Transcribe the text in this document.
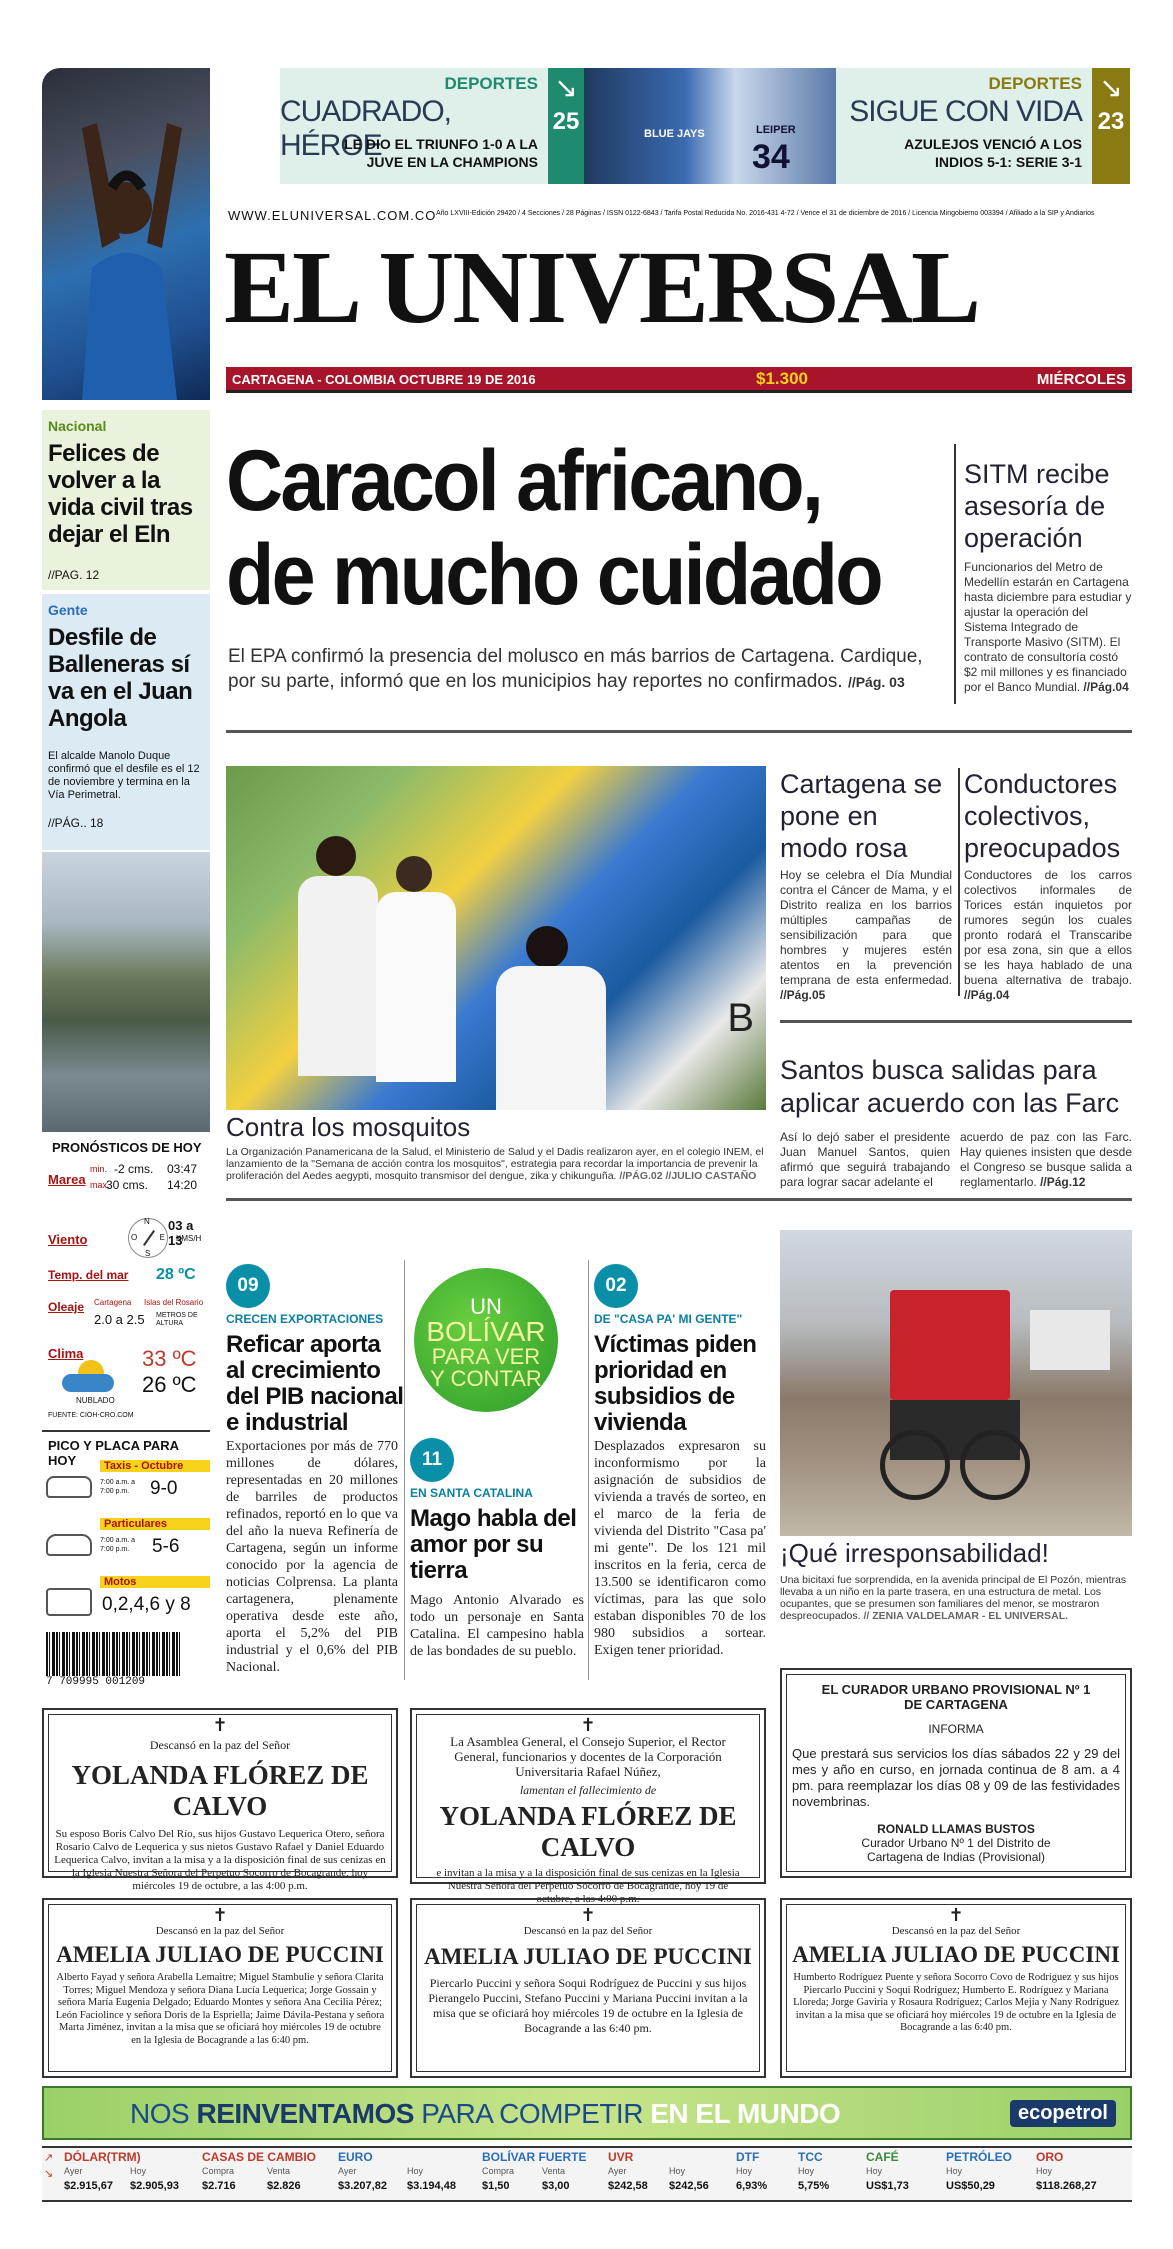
DEPORTES
CUADRADO, HÉROE
LE DIO EL TRIUNFO 1-0 A LA
JUVE EN LA CHAMPIONS
↘
25	BLUE JAYS	LEIPER
34
DEPORTES
SIGUE CON VIDA
AZULEJOS VENCIÓ A LOS
INDIOS 5-1: SERIE 3-1
↘
23
WWW.ELUNIVERSAL.COM.CO Año LXVIII-Edición 29420 / 4 Secciones / 28 Páginas / ISSN 0122-6843 / Tarifa Postal Reducida No. 2016-431 4-72 / Vence el 31 de diciembre de 2016 / Licencia Mingobierno 003394 / Afiliado a la SIP y Andiarios
EL UNIVERSAL
CARTAGENA - COLOMBIA OCTUBRE 19 DE 2016	$1.300	MIÉRCOLES
Nacional
Felices de volver a la vida civil tras dejar el Eln
//PAG. 12
Gente
Desfile de Balleneras sí va en el Juan Angola
El alcalde Manolo Duque confirmó que el desfile es el 12 de noviembre y termina en la Vía Perimetral.
//PÁG.. 18
PRONÓSTICOS DE HOY
Marea
min. -2 cms. 03:47
max.
30 cms. 14:20
Viento
N
E
S
O
03 a 13
KMS/H
Temp. del mar 28 ºC
Oleaje Cartagena Islas del Rosario
2.0 a 2.5 METROS DE ALTURA
Clima
NUBLADO
33 ºC
26 ºC
FUENTE: CIOH-CRO.COM
PICO Y PLACA PARA HOY	Taxis - Octubre
7:00 a.m. a 7:00 p.m.	9-0
Particulares
7:00 a.m. a 7:00 p.m.	5-6
Motos
0,2,4,6 y 8
7 709995 001209
Caracol africano,
de mucho cuidado
El EPA confirmó la presencia del molusco en más barrios de Cartagena. Cardique, por su parte, informó que en los municipios hay reportes no confirmados. //Pág. 03
SITM recibe asesoría de operación
Funcionarios del Metro de Medellín estarán en Cartagena hasta diciembre para estudiar y ajustar la operación del Sistema Integrado de Transporte Masivo (SITM). El contrato de consultoría costó $2 mil millones y es financiado por el Banco Mundial. //Pág.04
B
Contra los mosquitos
La Organización Panamericana de la Salud, el Ministerio de Salud y el Dadis realizaron ayer, en el colegio INEM, el lanzamiento de la "Semana de acción contra los mosquitos", estrategia para recordar la importancia de prevenir la proliferación del Aedes aegypti, mosquito transmisor del dengue, zika y chikunguña. //PÁG.02 //JULIO CASTAÑO
Cartagena se pone en modo rosa
Hoy se celebra el Día Mundial contra el Cáncer de Mama, y el Distrito realiza en los barrios múltiples campañas de sensibilización para que hombres y mujeres estén atentos en la prevención temprana de esta enfermedad. //Pág.05
Conductores colectivos, preocupados
Conductores de los carros colectivos informales de Torices están inquietos por rumores según los cuales pronto rodará el Transcaribe por esa zona, sin que a ellos se les haya hablado de una buena alternativa de trabajo. //Pág.04
Santos busca salidas para aplicar acuerdo con las Farc
Así lo dejó saber el presidente Juan Manuel Santos, quien afirmó que seguirá trabajando para lograr sacar adelante el
acuerdo de paz con las Farc. Hay quienes insisten que desde el Congreso se busque salida a reglamentarlo. //Pág.12
09
CRECEN EXPORTACIONES
Reficar aporta al crecimiento del PIB nacional e industrial
Exportaciones por más de 770 millones de dólares, representadas en 20 millones de barriles de productos refinados, reportó en lo que va del año la nueva Refinería de Cartagena, según un informe conocido por la agencia de noticias Colprensa. La planta cartagenera, plenamente operativa desde este año, aporta el 5,2% del PIB industrial y el 0,6% del PIB Nacional.
UN
BOLÍVAR
PARA VER
Y CONTAR
11
EN SANTA CATALINA
Mago habla del amor por su tierra
Mago Antonio Alvarado es todo un personaje en Santa Catalina. El campesino habla de las bondades de su pueblo.
02
DE "CASA PA' MI GENTE"
Víctimas piden prioridad en subsidios de vivienda
Desplazados expresaron su inconformismo por la asignación de subsidios de vivienda a través de sorteo, en el marco de la feria de vivienda del Distrito "Casa pa' mi gente". De los 121 mil inscritos en la feria, cerca de 13.500 se identificaron como víctimas, para las que solo estaban disponibles 70 de los 980 subsidios a sortear. Exigen tener prioridad.
¡Qué irresponsabilidad!
Una bicitaxi fue sorprendida, en la avenida principal de El Pozón, mientras llevaba a un niño en la parte trasera, en una estructura de metal. Los ocupantes, que se presumen son familiares del menor, se mostraron despreocupados. // ZENIA VALDELAMAR - EL UNIVERSAL.
✝
Descansó en la paz del Señor
YOLANDA FLÓREZ DE CALVO
Su esposo Boris Calvo Del Río, sus hijos Gustavo Lequerica Otero, señora Rosario Calvo de Lequerica y sus nietos Gustavo Rafael y Daniel Eduardo Lequerica Calvo, invitan a la misa y a la disposición final de sus cenizas en la Iglesia Nuestra Señora del Perpetuo Socorro de Bocagrande, hoy miércoles 19 de octubre, a las 4:00 p.m.
✝
La Asamblea General, el Consejo Superior, el Rector General, funcionarios y docentes de la Corporación Universitaria Rafael Núñez,
lamentan el fallecimiento de
YOLANDA FLÓREZ DE CALVO
e invitan a la misa y a la disposición final de sus cenizas en la Iglesia Nuestra Señora del Perpetuo Socorro de Bocagrande, hoy 19 de octubre, a las 4:00 p.m.
EL CURADOR URBANO PROVISIONAL Nº 1 DE CARTAGENA
INFORMA
Que prestará sus servicios los días sábados 22 y 29 del mes y año en curso, en jornada continua de 8 am. a 4 pm. para reemplazar los días 08 y 09 de las festividades novembrinas.
RONALD LLAMAS BUSTOS
Curador Urbano Nº 1 del Distrito de Cartagena de Indias (Provisional)
✝
Descansó en la paz del Señor
AMELIA JULIAO DE PUCCINI
Alberto Fayad y señora Arabella Lemaitre; Miguel Stambulie y señora Clarita Torres; Miguel Mendoza y señora Diana Lucía Lequerica; Jorge Gossain y señora María Eugenia Delgado; Eduardo Montes y señora Ana Cecilia Pérez; León Faciolince y señora Doris de la Espriella; Jaime Dávila-Pestana y señora Marta Jiménez, invitan a la misa que se oficiará hoy miércoles 19 de octubre en la Iglesia de Bocagrande a las 6:40 pm.
✝
Descansó en la paz del Señor
AMELIA JULIAO DE PUCCINI
Piercarlo Puccini y señora Soqui Rodríguez de Puccini y sus hijos Pierangelo Puccini, Stefano Puccini y Mariana Puccini invitan a la misa que se oficiará hoy miércoles 19 de octubre en la Iglesia de Bocagrande a las 6:40 pm.
✝
Descansó en la paz del Señor
AMELIA JULIAO DE PUCCINI
Humberto Rodríguez Puente y señora Socorro Covo de Rodríguez y sus hijos Piercarlo Puccini y Soqui Rodríguez; Humberto E. Rodríguez y Mariana Lloreda; Jorge Gaviria y Rosaura Rodríguez; Carlos Mejía y Nany Rodríguez invitan a la misa que se oficiará hoy miércoles 19 de octubre en la Iglesia de Bocagrande a las 6:40 pm.
NOS REINVENTAMOS PARA COMPETIR EN EL MUNDO	ecopetrol
↗
↘
DÓLAR(TRM)
Ayer	Hoy
$2.915,67 $2.905,93
CASAS DE CAMBIO
Compra	Venta
$2.716	$2.826
EURO
Ayer	Hoy
$3.207,82 $3.194,48
BOLÍVAR FUERTE
Compra	Venta
$1,50	$3,00
UVR
Ayer	Hoy
$242,58 $242,56
DTF
Hoy
6,93%
TCC
Hoy
5,75%
CAFÉ
Hoy
US$1,73
PETRÓLEO
Hoy
US$50,29
ORO
Hoy
$118.268,27
